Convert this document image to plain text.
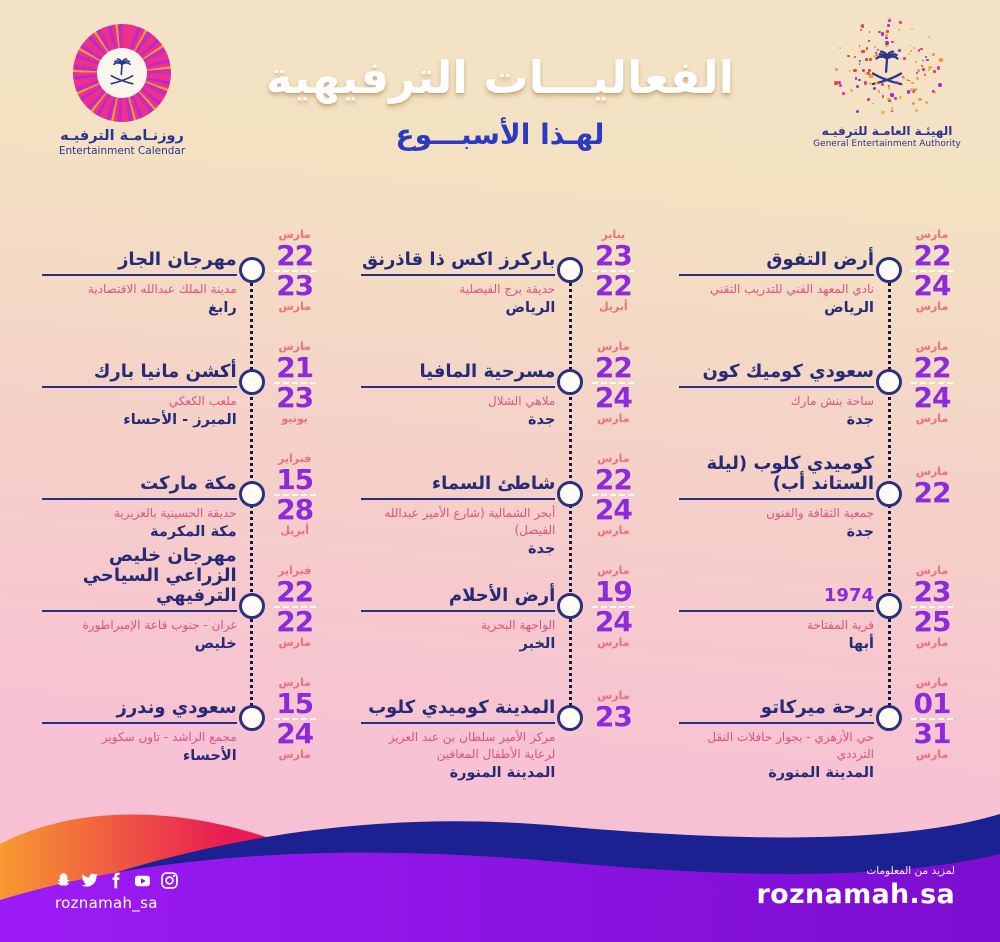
روزنـامـة الترفيـه
Entertainment Calendar
الفعاليـــات الترفيهية
لهـذا الأسبـــوع	الهيئـة العامـة للترفيـه
General Entertainment Authority
مارس
22
24
مارس
أرض التفوق
نادي المعهد الفني للتدريب التقني
الرياض
مارس
22
24
مارس
سعودي كوميك كون
ساحة بنش مارك
جدة
مارس
22
كوميدي كلوب (ليلة الستاند أب)
جمعية الثقافة والفنون
جدة
مارس
23
25
مارس
1974
قرية المفتاحة
أبها
مارس
01
31
مارس
برحة ميركاتو
حي الأزهري - بجوار حافلات النقل الترددي
المدينة المنورة
يناير
23
22
أبريل
باركرز اكس ذا قاذرنق
حديقة برج الفيصلية
الرياض
مارس
22
24
مارس
مسرحية المافيا
ملاهي الشلال
جدة
مارس
22
24
مارس
شاطئ السماء
أبحر الشمالية (شارع الأمير عبدالله الفيصل)
جدة
مارس
19
24
مارس
أرض الأحلام
الواجهة البحرية
الخبر
مارس
23
المدينة كوميدي كلوب
مركز الأمير سلطان بن عبد العزيز لرعاية الأطفال المعاقين
المدينة المنورة
مارس
22
23
مارس
مهرجان الجاز
مدينة الملك عبدالله الاقتصادية
رابغ
مارس
21
23
يونيو
أكشن مانيا بارك
ملعب الكعكي
المبرز - الأحساء
فبراير
15
28
أبريل
مكة ماركت
حديقة الحسينية بالعزيزية
مكة المكرمة
فبراير
22
22
مارس
مهرجان خليص الزراعي السياحي الترفيهي
غران - جنوب قاعة الإمبراطورة
خليص
مارس
15
24
مارس
سعودي وندرز
مجمع الراشد - تاون سكوير
الأحساء
roznamah_sa
لمزيد من المعلومات
roznamah.sa
